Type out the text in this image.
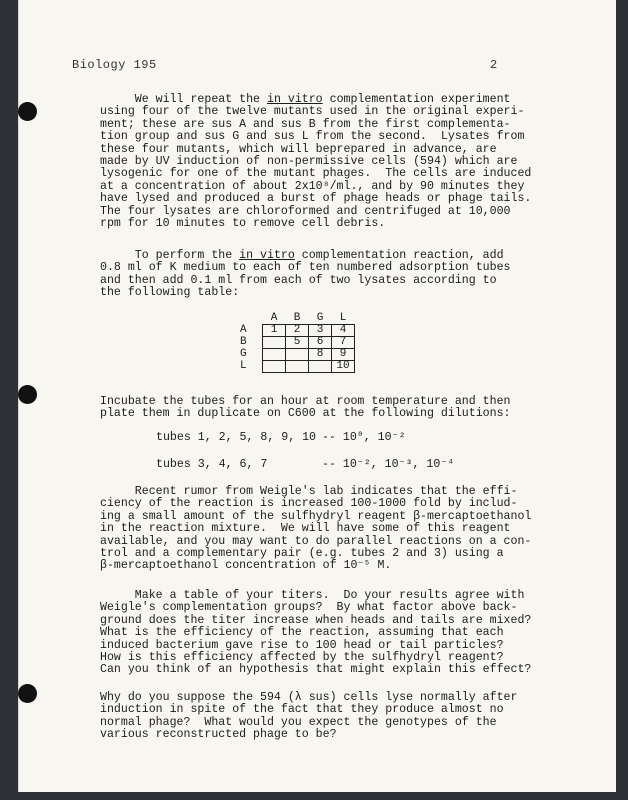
Biology 195	2
We will repeat the in vitro complementation experiment
using four of the twelve mutants used in the original experi-
ment; these are sus A and sus B from the first complementa-
tion group and sus G and sus L from the second.  Lysates from
these four mutants, which will beprepared in advance, are
made by UV induction of non-permissive cells (594) which are
lysogenic for one of the mutant phages.  The cells are induced
at a concentration of about 2x10⁸/ml., and by 90 minutes they
have lysed and produced a burst of phage heads or phage tails.
The four lysates are chloroformed and centrifuged at 10,000
rpm for 10 minutes to remove cell debris.

To perform the in vitro complementation reaction, add
0.8 ml of K medium to each of ten numbered adsorption tubes
and then add 0.1 ml from each of two lysates according to
the following table:

	A	B	G	L
A	1	2	3	4
B		5	6	7
G			8	9
L				10
Incubate the tubes for an hour at room temperature and then
plate them in duplicate on C600 at the following dilutions:

tubes 1, 2, 5, 8, 9, 10 -- 10⁰, 10⁻²
tubes 3, 4, 6, 7	-- 10⁻², 10⁻³, 10⁻⁴
Recent rumor from Weigle's lab indicates that the effi-
ciency of the reaction is increased 100-1000 fold by includ-
ing a small amount of the sulfhydryl reagent β-mercaptoethanol
in the reaction mixture.  We will have some of this reagent
available, and you may want to do parallel reactions on a con-
trol and a complementary pair (e.g. tubes 2 and 3) using a
β-mercaptoethanol concentration of 10⁻⁵ M.

Make a table of your titers.  Do your results agree with
Weigle's complementation groups?  By what factor above back-
ground does the titer increase when heads and tails are mixed?
What is the efficiency of the reaction, assuming that each
induced bacterium gave rise to 100 head or tail particles?
How is this efficiency affected by the sulfhydryl reagent?
Can you think of an hypothesis that might explain this effect?

Why do you suppose the 594 (λ sus) cells lyse normally after
induction in spite of the fact that they produce almost no
normal phage?  What would you expect the genotypes of the
various reconstructed phage to be?
